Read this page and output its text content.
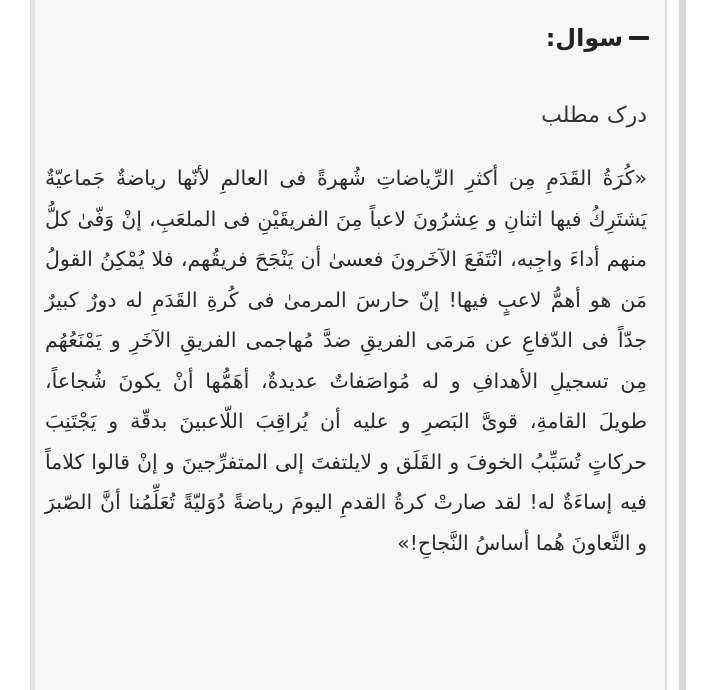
سوال:
درک مطلب

«كُرَةُ القَدَمِ مِن أكثرِ الرِّياضاتِ شُهرةً فی العالمِ لأنّها رياضةٌ جَماعيّةٌ يَشتَرِكُ فيها اثنانِ و عِشرُونَ لاعباً مِنَ الفريقَيْنِ فی الملعَبِ، إنْ وَفّیٰ كلُّ منهم أداءَ واجِبه، انْتَفَعَ الآخَرونَ فعسیٰ أن يَنْجَحَ فريقُهم، فلا يُمْكِنُ القولُ مَن هو أهمُّ لاعبٍ فيها! إنّ حارسَ المرمیٰ فی كُرةِ القَدَمِ له دورٌ كبيرٌ جدّاً فی الدّفاعِ عن مَرمَی الفريقِ ضدَّ مُهاجمی الفريقِ الآخَرِ و يَمْنَعُهُم مِن تسجيلِ الأهدافِ و له مُواصَفاتٌ عديدةٌ، أهَمُّها أنْ يكونَ شُجاعاً، طويلَ القامةِ، قویَّ البَصرِ و عليه أن يُراقِبَ اللّاعبينَ بدقّة و يَجْتَنِبَ حركاتٍ تُسَبِّبُ الخوفَ و القَلَق و لايلتفتَ إلی المتفرِّجينَ و إنْ قالوا كلاماً فيه إساءَةٌ له! لقد صارتْ كرةُ القدمِ اليومَ رياضةً دُوَليّةً تُعَلِّمُنا أنَّ الصّبرَ و التَّعاونَ هُما أساسُ النَّجاحِ!»
